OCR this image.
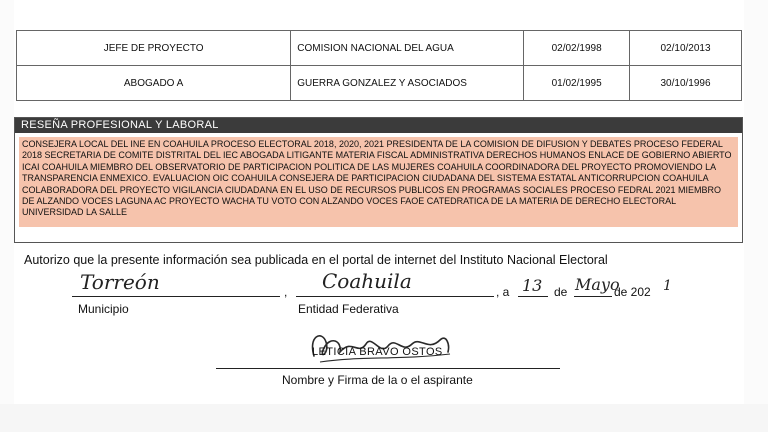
JEFE DE PROYECTO	COMISION NACIONAL DEL AGUA	02/02/1998	02/10/2013
ABOGADO A	GUERRA GONZALEZ Y ASOCIADOS	01/02/1995	30/10/1996
RESEÑA PROFESIONAL Y LABORAL
CONSEJERA LOCAL DEL INE EN COAHUILA PROCESO ELECTORAL 2018, 2020, 2021 PRESIDENTA DE LA COMISION DE DIFUSION Y DEBATES PROCESO FEDERAL 2018 SECRETARIA DE COMITE DISTRITAL DEL IEC ABOGADA LITIGANTE MATERIA FISCAL ADMINISTRATIVA DERECHOS HUMANOS ENLACE DE GOBIERNO ABIERTO ICAI COAHUILA MIEMBRO DEL OBSERVATORIO DE PARTICIPACION POLITICA DE LAS MUJERES COAHUILA COORDINADORA DEL PROYECTO PROMOVIENDO LA TRANSPARENCIA ENMEXICO. EVALUACION OIC COAHUILA CONSEJERA DE PARTICIPACION CIUDADANA DEL SISTEMA ESTATAL ANTICORRUPCION COAHUILA COLABORADORA DEL PROYECTO VIGILANCIA CIUDADANA EN EL USO DE RECURSOS PUBLICOS EN PROGRAMAS SOCIALES PROCESO FEDRAL 2021 MIEMBRO DE ALZANDO VOCES LAGUNA AC PROYECTO WACHA TU VOTO CON ALZANDO VOCES FAOE CATEDRATICA DE LA MATERIA DE DERECHO ELECTORAL UNIVERSIDAD LA SALLE
Autorizo que la presente información sea publicada en el portal de internet del Instituto Nacional Electoral
Torreón
Municipio
, Coahuila
Entidad Federativa
, a 13 de Mayo
de 202 1
LETICIA BRAVO OSTOS
Nombre y Firma de la o el aspirante
